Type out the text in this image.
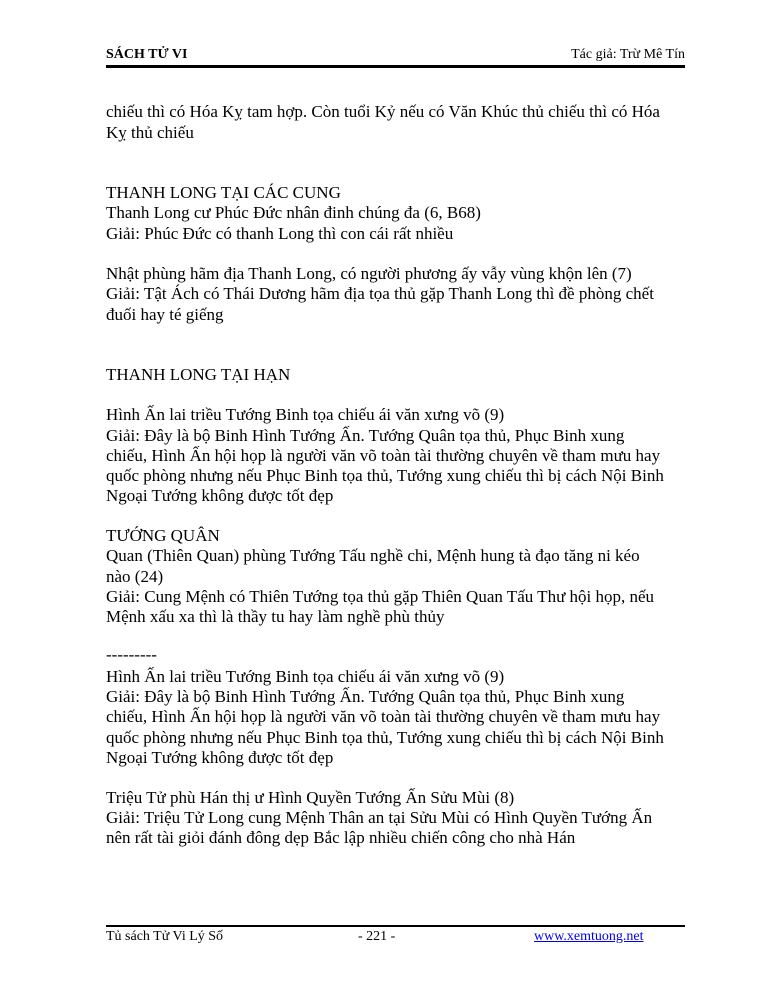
SÁCH TỬ VI	Tác giả: Trừ Mê Tín
chiếu thì có Hóa Kỵ tam hợp. Còn tuổi Kỷ nếu có Văn Khúc thủ chiếu thì có Hóa
Kỵ thủ chiếu
THANH LONG TẠI CÁC CUNG
Thanh Long cư Phúc Đức nhân đinh chúng đa (6, B68)
Giải: Phúc Đức có thanh Long thì con cái rất nhiều
Nhật phùng hãm địa Thanh Long, có người phương ấy vẫy vùng khộn lên (7)
Giải: Tật Ách có Thái Dương hãm địa tọa thủ gặp Thanh Long thì đề phòng chết
đuối hay té giếng
THANH LONG TẠI HẠN
Hình Ấn lai triều Tướng Binh tọa chiếu ái văn xưng võ (9)
Giải: Đây là bộ Binh Hình Tướng Ấn. Tướng Quân tọa thủ, Phục Binh xung
chiếu, Hình Ấn hội họp là người văn võ toàn tài thường chuyên về tham mưu hay
quốc phòng nhưng nếu Phục Binh tọa thủ, Tướng xung chiếu thì bị cách Nội Binh
Ngoại Tướng không được tốt đẹp
TƯỚNG QUÂN
Quan (Thiên Quan) phùng Tướng Tấu nghề chi, Mệnh hung tà đạo tăng ni kéo
nào (24)
Giải: Cung Mệnh có Thiên Tướng tọa thủ gặp Thiên Quan Tấu Thư hội họp, nếu
Mệnh xấu xa thì là thầy tu hay làm nghề phù thủy
---------
Hình Ấn lai triều Tướng Binh tọa chiếu ái văn xưng võ (9)
Giải: Đây là bộ Binh Hình Tướng Ấn. Tướng Quân tọa thủ, Phục Binh xung
chiếu, Hình Ấn hội họp là người văn võ toàn tài thường chuyên về tham mưu hay
quốc phòng nhưng nếu Phục Binh tọa thủ, Tướng xung chiếu thì bị cách Nội Binh
Ngoại Tướng không được tốt đẹp
Triệu Tử phù Hán thị ư Hình Quyền Tướng Ấn Sửu Mùi (8)
Giải: Triệu Tử Long cung Mệnh Thân an tại Sửu Mùi có Hình Quyền Tướng Ấn
nên rất tài giỏi đánh đông dẹp Bắc lập nhiều chiến công cho nhà Hán
Tủ sách Tử Vi Lý Số	- 221 -	www.xemtuong.net
